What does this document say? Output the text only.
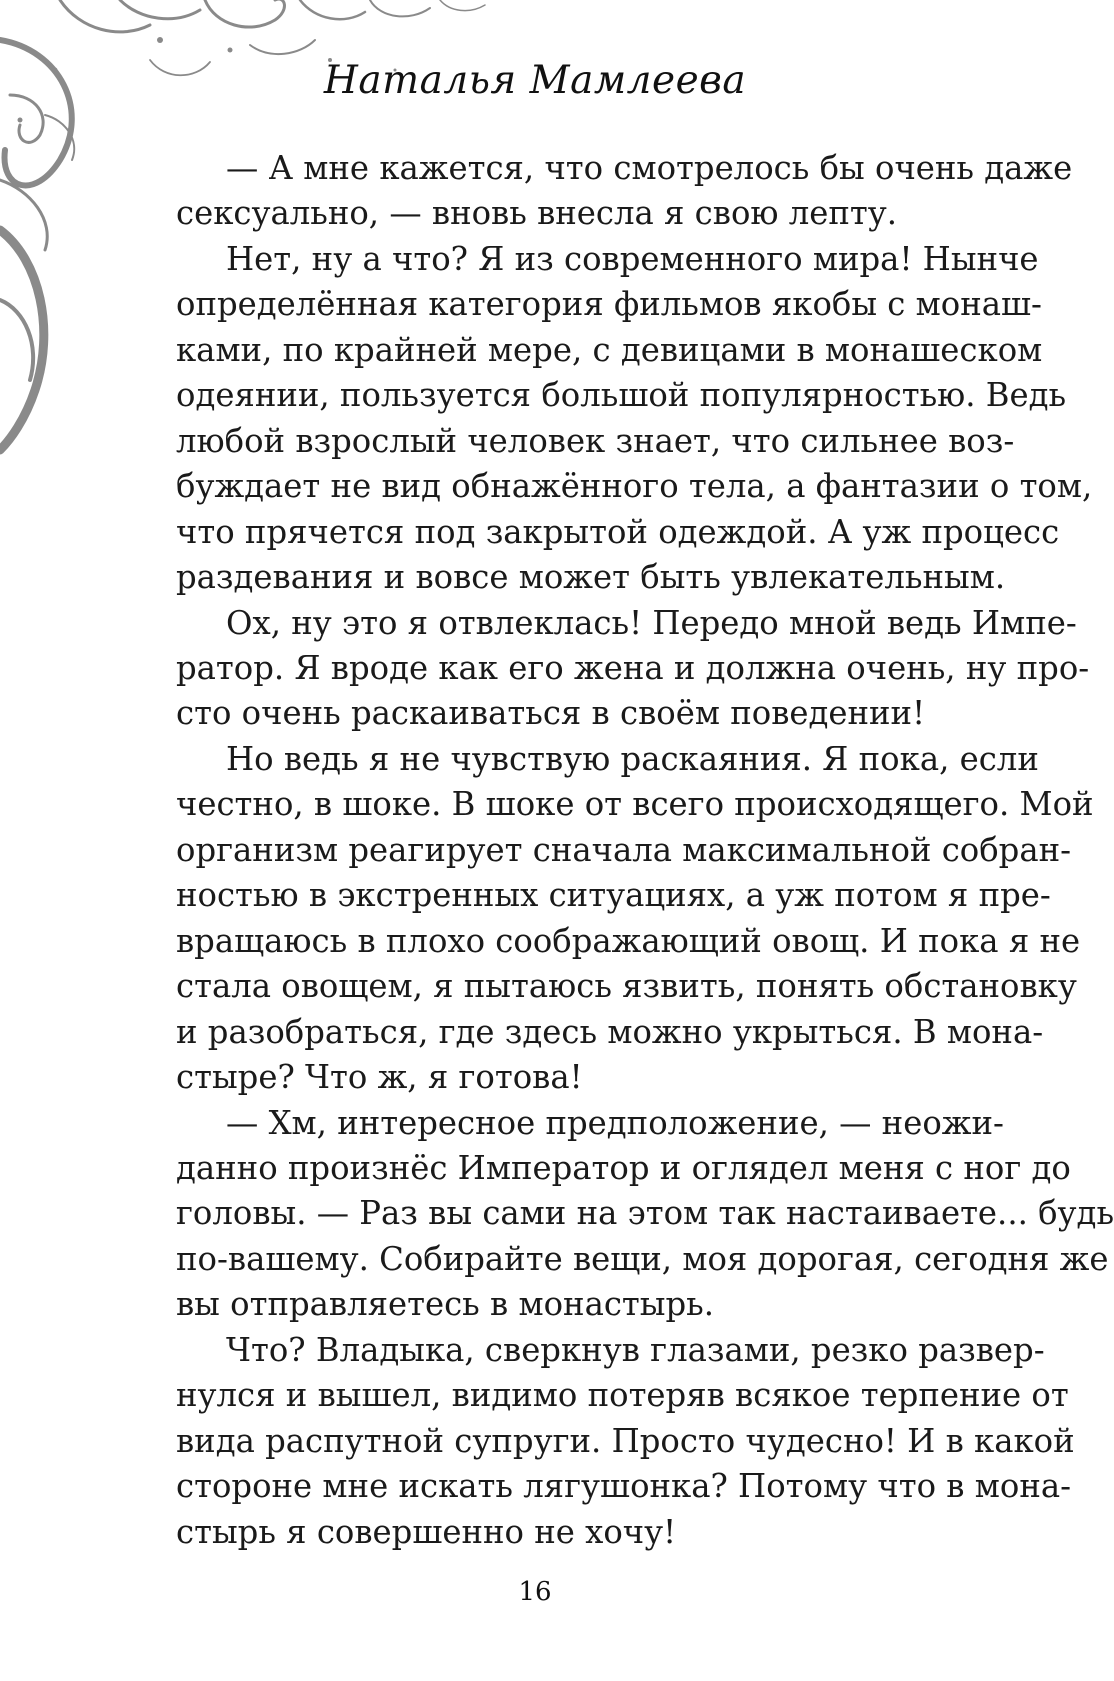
Наталья Мамлеева
— А мне кажется, что смотрелось бы очень даже
сексуально, — вновь внесла я свою лепту.
Нет, ну а что? Я из современного мира! Нынче
определённая категория фильмов якобы с монаш-
ками, по крайней мере, с девицами в монашеском
одеянии, пользуется большой популярностью. Ведь
любой взрослый человек знает, что сильнее воз-
буждает не вид обнажённого тела, а фантазии о том,
что прячется под закрытой одеждой. А уж процесс
раздевания и вовсе может быть увлекательным.
Ох, ну это я отвлеклась! Передо мной ведь Импе-
ратор. Я вроде как его жена и должна очень, ну про-
сто очень раскаиваться в своём поведении!
Но ведь я не чувствую раскаяния. Я пока, если
честно, в шоке. В шоке от всего происходящего. Мой
организм реагирует сначала максимальной собран-
ностью в экстренных ситуациях, а уж потом я пре-
вращаюсь в плохо соображающий овощ. И пока я не
стала овощем, я пытаюсь язвить, понять обстановку
и разобраться, где здесь можно укрыться. В мона-
стыре? Что ж, я готова!
— Хм, интересное предположение, — неожи-
данно произнёс Император и оглядел меня с ног до
головы. — Раз вы сами на этом так настаиваете... будь
по-вашему. Собирайте вещи, моя дорогая, сегодня же
вы отправляетесь в монастырь.
Что? Владыка, сверкнув глазами, резко развер-
нулся и вышел, видимо потеряв всякое терпение от
вида распутной супруги. Просто чудесно! И в какой
стороне мне искать лягушонка? Потому что в мона-
стырь я совершенно не хочу!
16
